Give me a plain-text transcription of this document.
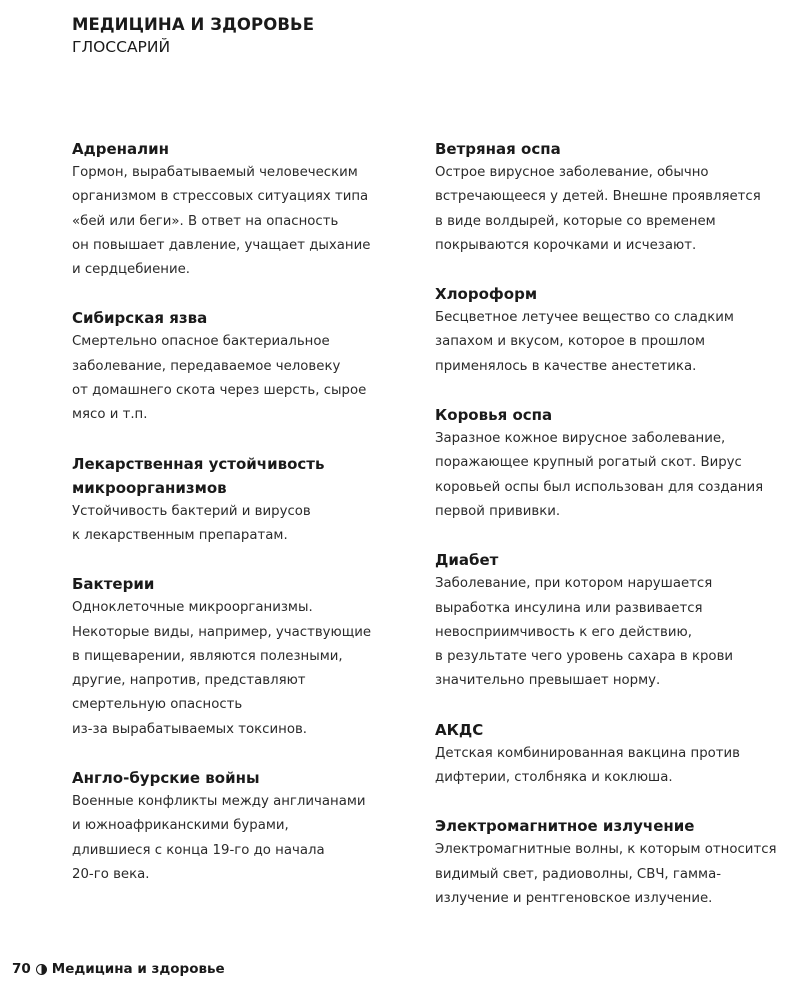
МЕДИЦИНА И ЗДОРОВЬЕ
ГЛОССАРИЙ
Адреналин
Гормон, вырабатываемый человеческим
организмом в стрессовых ситуациях типа
«бей или беги». В ответ на опасность
он повышает давление, учащает дыхание
и сердцебиение.
Сибирская язва
Смертельно опасное бактериальное
заболевание, передаваемое человеку
от домашнего скота через шерсть, сырое
мясо и т.п.
Лекарственная устойчивость
микроорганизмов
Устойчивость бактерий и вирусов
к лекарственным препаратам.
Бактерии
Одноклеточные микроорганизмы.
Некоторые виды, например, участвующие
в пищеварении, являются полезными,
другие, напротив, представляют
смертельную опасность
из-за вырабатываемых токсинов.
Англо-бурские войны
Военные конфликты между англичанами
и южноафриканскими бурами,
длившиеся с конца 19-го до начала
20-го века.
Ветряная оспа
Острое вирусное заболевание, обычно
встречающееся у детей. Внешне проявляется
в виде волдырей, которые со временем
покрываются корочками и исчезают.
Хлороформ
Бесцветное летучее вещество со сладким
запахом и вкусом, которое в прошлом
применялось в качестве анестетика.
Коровья оспа
Заразное кожное вирусное заболевание,
поражающее крупный рогатый скот. Вирус
коровьей оспы был использован для создания
первой прививки.
Диабет
Заболевание, при котором нарушается
выработка инсулина или развивается
невосприимчивость к его действию,
в результате чего уровень сахара в крови
значительно превышает норму.
АКДС
Детская комбинированная вакцина против
дифтерии, столбняка и коклюша.
Электромагнитное излучение
Электромагнитные волны, к которым относится
видимый свет, радиоволны, СВЧ, гамма-
излучение и рентгеновское излучение.
70 Медицина и здоровье
